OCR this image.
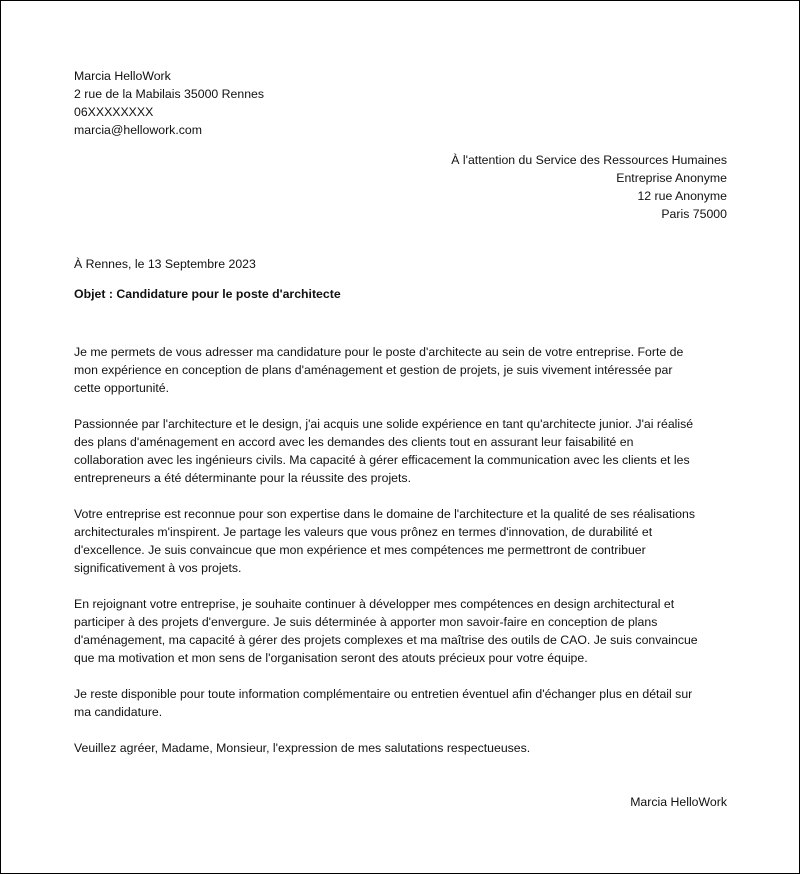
Marcia HelloWork
2 rue de la Mabilais 35000 Rennes
06XXXXXXXX
marcia@hellowork.com
À l'attention du Service des Ressources Humaines
Entreprise Anonyme
12 rue Anonyme
Paris 75000
À Rennes, le 13 Septembre 2023
Objet : Candidature pour le poste d'architecte
Je me permets de vous adresser ma candidature pour le poste d'architecte au sein de votre entreprise. Forte de
mon expérience en conception de plans d'aménagement et gestion de projets, je suis vivement intéressée par
cette opportunité.
Passionnée par l'architecture et le design, j'ai acquis une solide expérience en tant qu'architecte junior. J'ai réalisé
des plans d'aménagement en accord avec les demandes des clients tout en assurant leur faisabilité en
collaboration avec les ingénieurs civils. Ma capacité à gérer efficacement la communication avec les clients et les
entrepreneurs a été déterminante pour la réussite des projets.
Votre entreprise est reconnue pour son expertise dans le domaine de l'architecture et la qualité de ses réalisations
architecturales m'inspirent. Je partage les valeurs que vous prônez en termes d'innovation, de durabilité et
d'excellence. Je suis convaincue que mon expérience et mes compétences me permettront de contribuer
significativement à vos projets.
En rejoignant votre entreprise, je souhaite continuer à développer mes compétences en design architectural et
participer à des projets d'envergure. Je suis déterminée à apporter mon savoir-faire en conception de plans
d'aménagement, ma capacité à gérer des projets complexes et ma maîtrise des outils de CAO. Je suis convaincue
que ma motivation et mon sens de l'organisation seront des atouts précieux pour votre équipe.
Je reste disponible pour toute information complémentaire ou entretien éventuel afin d'échanger plus en détail sur
ma candidature.
Veuillez agréer, Madame, Monsieur, l'expression de mes salutations respectueuses.
Marcia HelloWork
